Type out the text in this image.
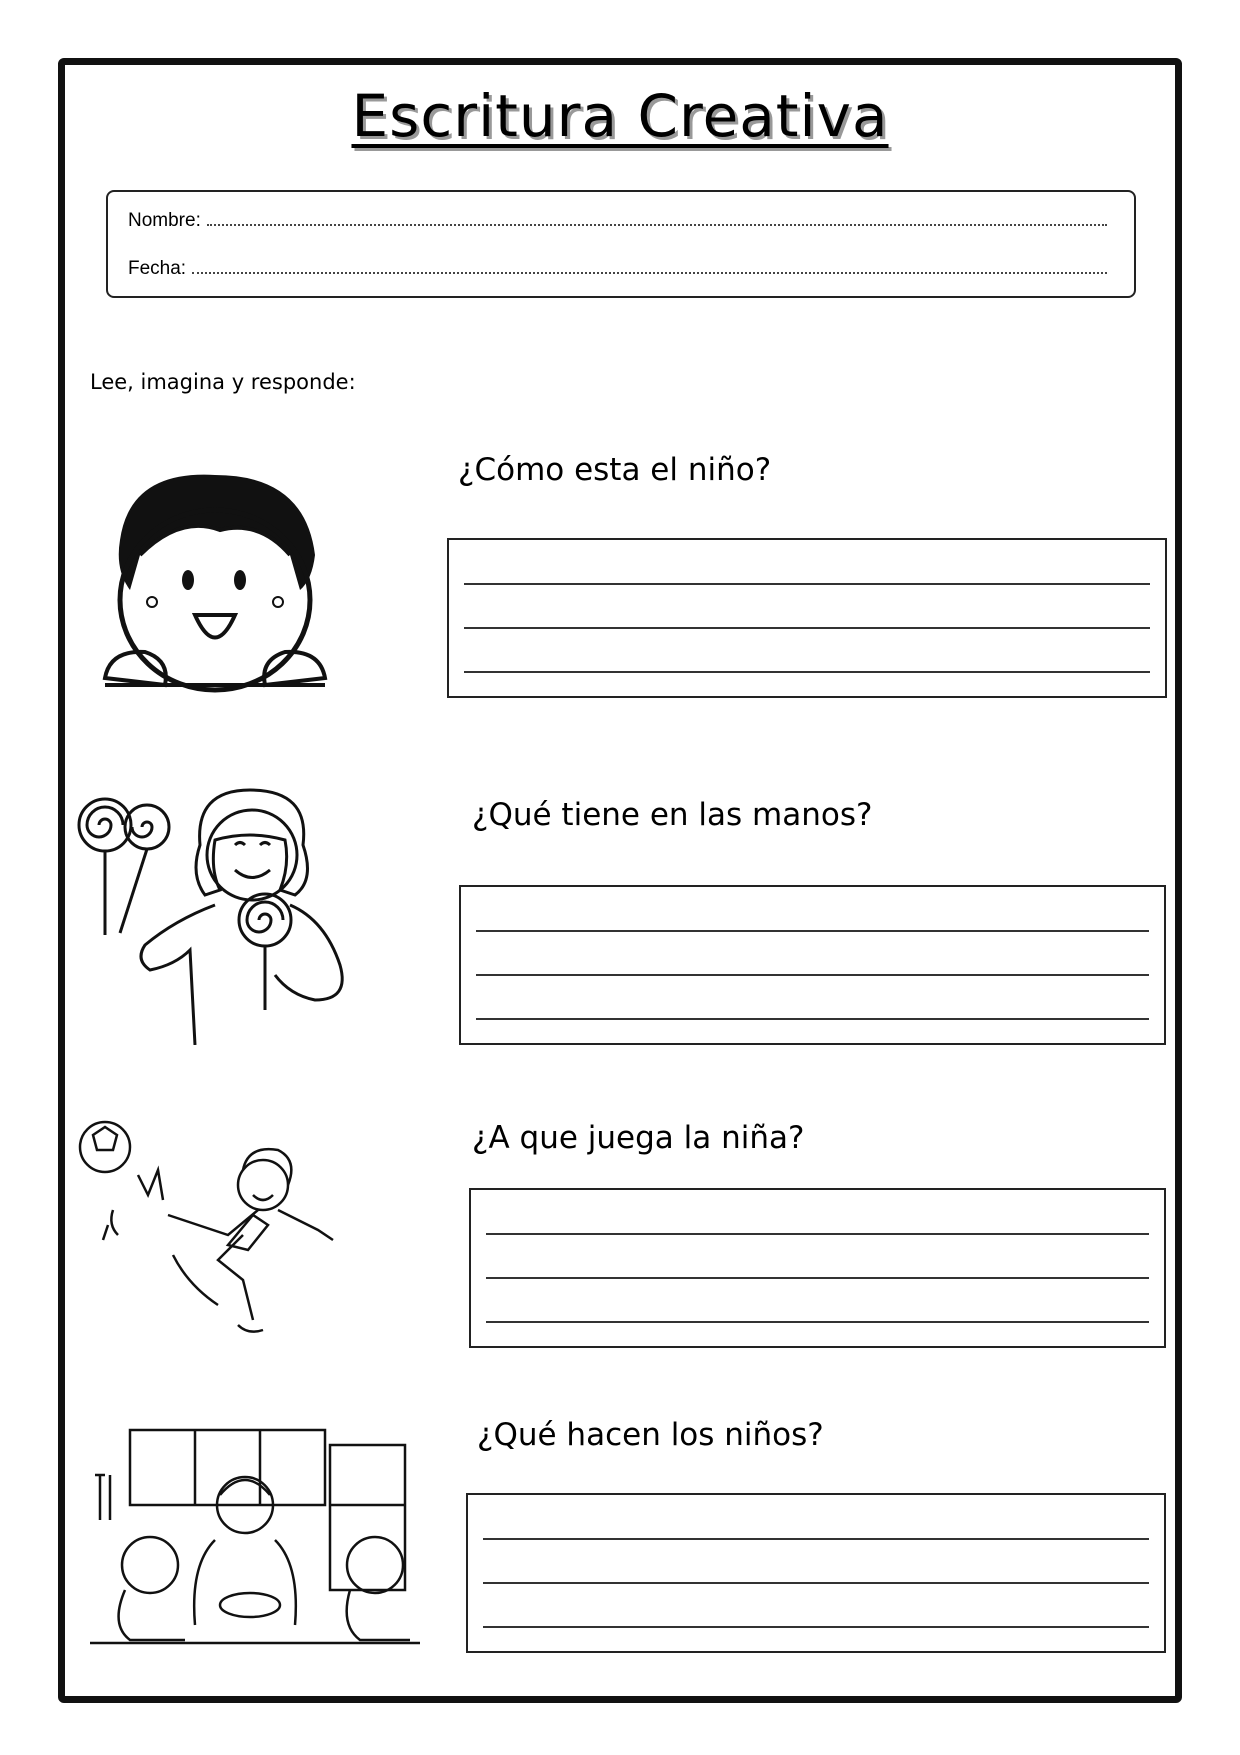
Escritura Creativa
Nombre:
Fecha:
Lee, imagina y responde:
¿Cómo esta el niño?
¿Qué tiene en las manos?
¿A que juega la niña?
¿Qué hacen los niños?
